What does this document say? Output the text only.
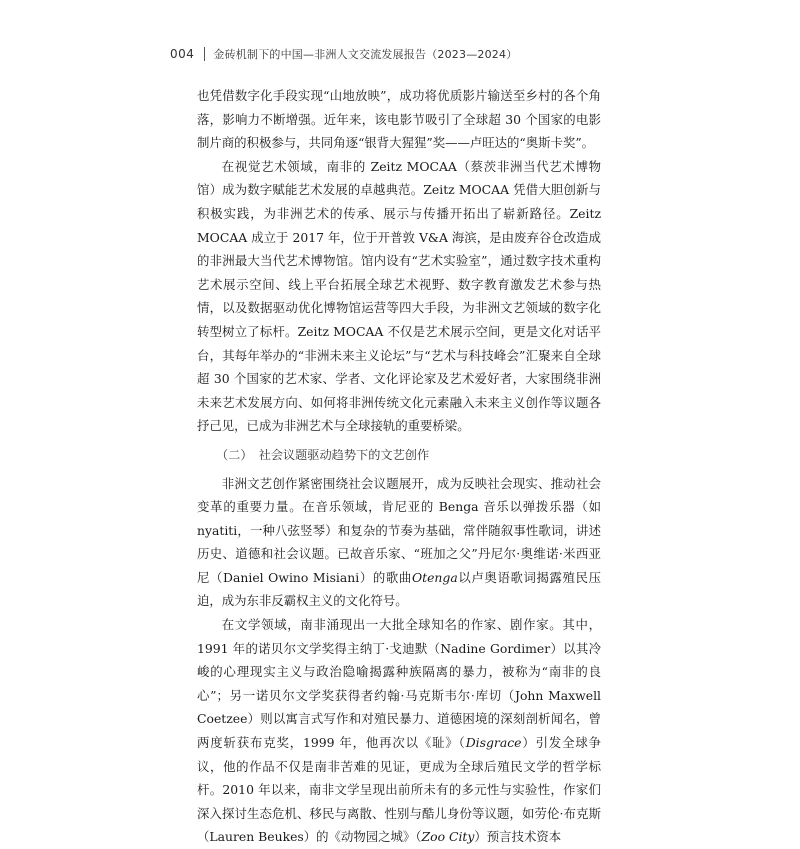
004 金砖机制下的中国—非洲人文交流发展报告（2023—2024）

也凭借数字化手段实现“山地放映”，成功将优质影片输送至乡村的各个角落，影响力不断增强。近年来，该电影节吸引了全球超 30 个国家的电影制片商的积极参与，共同角逐“银背大猩猩”奖——卢旺达的“奥斯卡奖”。

在视觉艺术领域，南非的 Zeitz MOCAA（蔡茨非洲当代艺术博物馆）成为数字赋能艺术发展的卓越典范。Zeitz MOCAA 凭借大胆创新与积极实践，为非洲艺术的传承、展示与传播开拓出了崭新路径。Zeitz MOCAA 成立于 2017 年，位于开普敦 V&A 海滨，是由废弃谷仓改造成的非洲最大当代艺术博物馆。馆内设有“艺术实验室”，通过数字技术重构艺术展示空间、线上平台拓展全球艺术视野、数字教育激发艺术参与热情，以及数据驱动优化博物馆运营等四大手段，为非洲文艺领域的数字化转型树立了标杆。Zeitz MOCAA 不仅是艺术展示空间，更是文化对话平台，其每年举办的“非洲未来主义论坛”与“艺术与科技峰会”汇聚来自全球超 30 个国家的艺术家、学者、文化评论家及艺术爱好者，大家围绕非洲未来艺术发展方向、如何将非洲传统文化元素融入未来主义创作等议题各抒己见，已成为非洲艺术与全球接轨的重要桥梁。

（二） 社会议题驱动趋势下的文艺创作

非洲文艺创作紧密围绕社会议题展开，成为反映社会现实、推动社会变革的重要力量。在音乐领域，肯尼亚的 Benga 音乐以弹拨乐器（如 nyatiti，一种八弦竖琴）和复杂的节奏为基础，常伴随叙事性歌词，讲述历史、道德和社会议题。已故音乐家、“班加之父”丹尼尔·奥维诺·米西亚尼（Daniel Owino Misiani）的歌曲Otenga以卢奥语歌词揭露殖民压迫，成为东非反霸权主义的文化符号。

在文学领域，南非涌现出一大批全球知名的作家、剧作家。其中，1991 年的诺贝尔文学奖得主纳丁·戈迪默（Nadine Gordimer）以其冷峻的心理现实主义与政治隐喻揭露种族隔离的暴力，被称为“南非的良心”；另一诺贝尔文学奖获得者约翰·马克斯韦尔·库切（John Maxwell Coetzee）则以寓言式写作和对殖民暴力、道德困境的深刻剖析闻名，曾两度斩获布克奖，1999 年，他再次以《耻》（Disgrace）引发全球争议，他的作品不仅是南非苦难的见证，更成为全球后殖民文学的哲学标杆。2010 年以来，南非文学呈现出前所未有的多元性与实验性，作家们深入探讨生态危机、移民与离散、性别与酷儿身份等议题，如劳伦·布克斯（Lauren Beukes）的《动物园之城》（Zoo City）预言技术资本
